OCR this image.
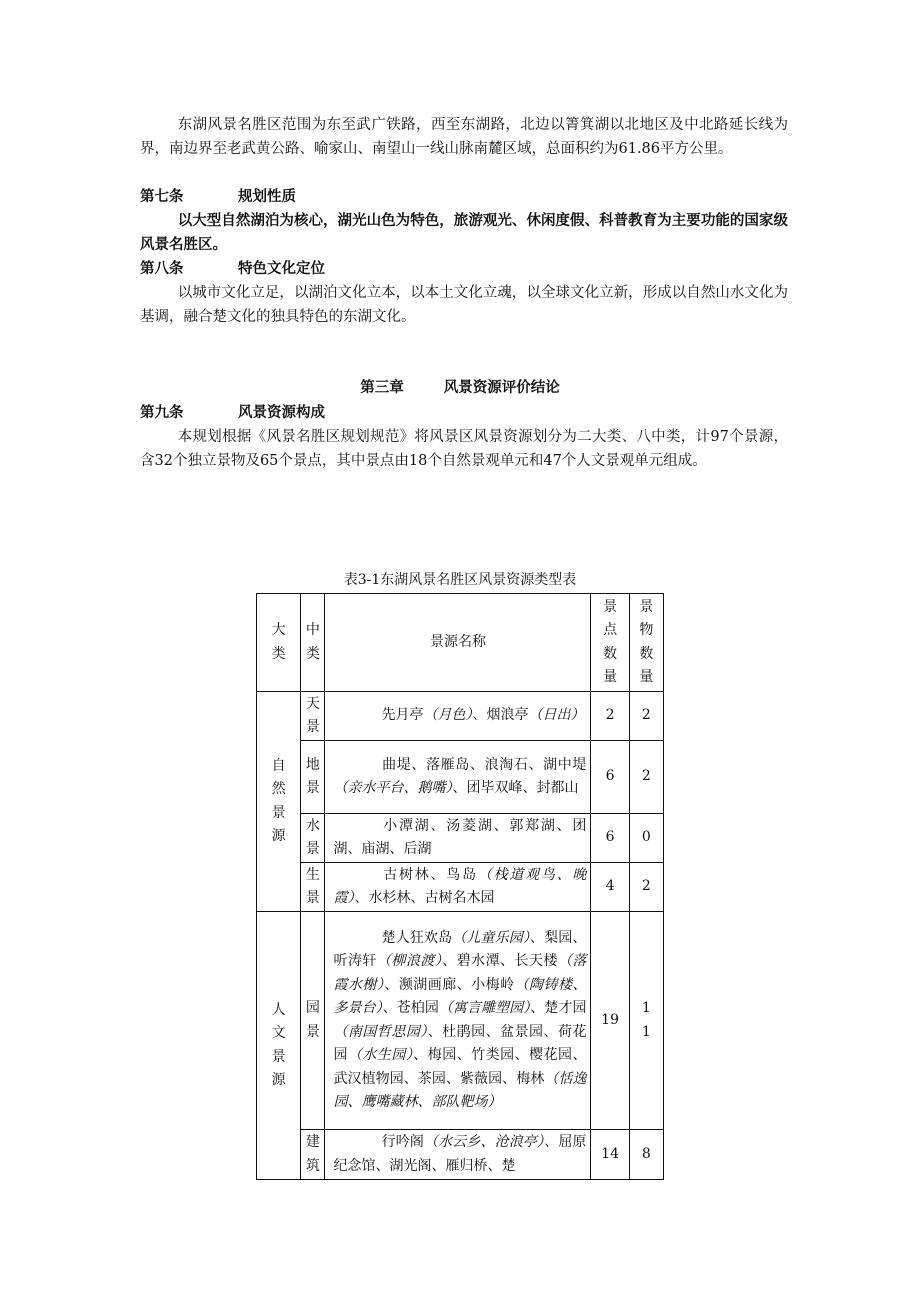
东湖风景名胜区范围为东至武广铁路，西至东湖路，北边以箐箕湖以北地区及中北路延长线为界，南边界至老武黄公路、喻家山、南望山一线山脉南麓区域，总面积约为61.86平方公里。

第七条	规划性质

以大型自然湖泊为核心，湖光山色为特色，旅游观光、休闲度假、科普教育为主要功能的国家级风景名胜区。

第八条	特色文化定位

以城市文化立足，以湖泊文化立本，以本土文化立魂，以全球文化立新，形成以自然山水文化为基调，融合楚文化的独具特色的东湖文化。

第三章	风景资源评价结论
第九条	风景资源构成

本规划根据《风景名胜区规划规范》将风景区风景资源划分为二大类、八中类，计97个景源，含32个独立景物及65个景点，其中景点由18个自然景观单元和47个人文景观单元组成。

表3-1东湖风景名胜区风景资源类型表
大类	中类	景源名称	景点数量	景物数量
自然景源	天景	先月亭（月色）、烟浪亭（日出）	2	2
	地景	曲堤、落雁岛、浪淘石、湖中堤（亲水平台、鹅嘴）、团毕双峰、封都山	6	2
	水景	小潭湖、汤菱湖、郭郑湖、团湖、庙湖、后湖	6	0
	生景	古树林、鸟岛（栈道观鸟、晚霞）、水杉林、古树名木园	4	2
人文景源	园景	楚人狂欢岛（儿童乐园）、梨园、听涛轩（柳浪渡）、碧水潭、长天楼（落霞水榭）、濒湖画廊、小梅岭（陶铸楼、多景台）、苍柏园（寓言雕塑园）、楚才园（南国哲思园）、杜鹃园、盆景园、荷花园（水生园）、梅园、竹类园、樱花园、武汉植物园、茶园、紫薇园、梅林（恬逸园、鹰嘴藏林、部队靶场）	19	11
	建筑	行吟阁（水云乡、沧浪亭）、屈原纪念馆、湖光阁、雁归桥、楚	14	8
